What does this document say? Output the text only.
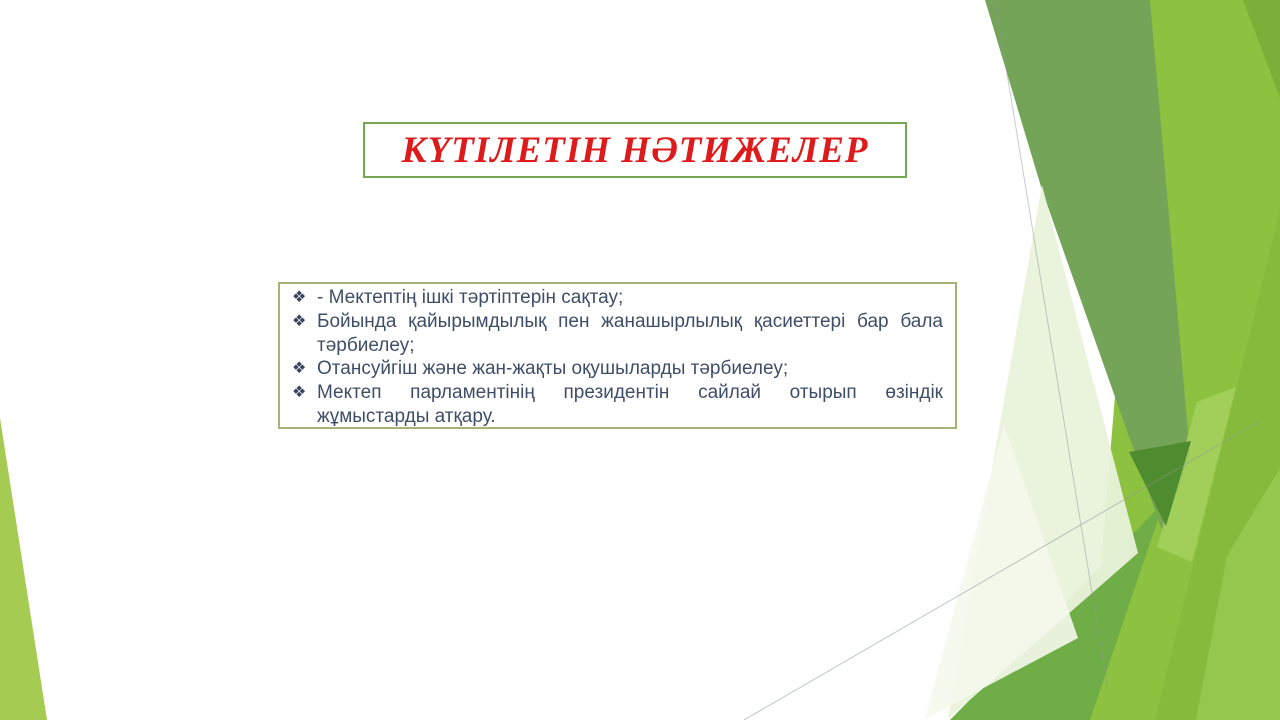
КҮТІЛЕТІН НӘТИЖЕЛЕР
❖ - Мектептің ішкі тәртіптерін сақтау;
❖ Бойында қайырымдылық пен жанашырлылық қасиеттері бар бала тәрбиелеу;
❖ Отансуйгіш және жан-жақты оқушыларды тәрбиелеу;
❖ Мектеп парламентінің президентін сайлай отырып өзіндік жұмыстарды атқару.
